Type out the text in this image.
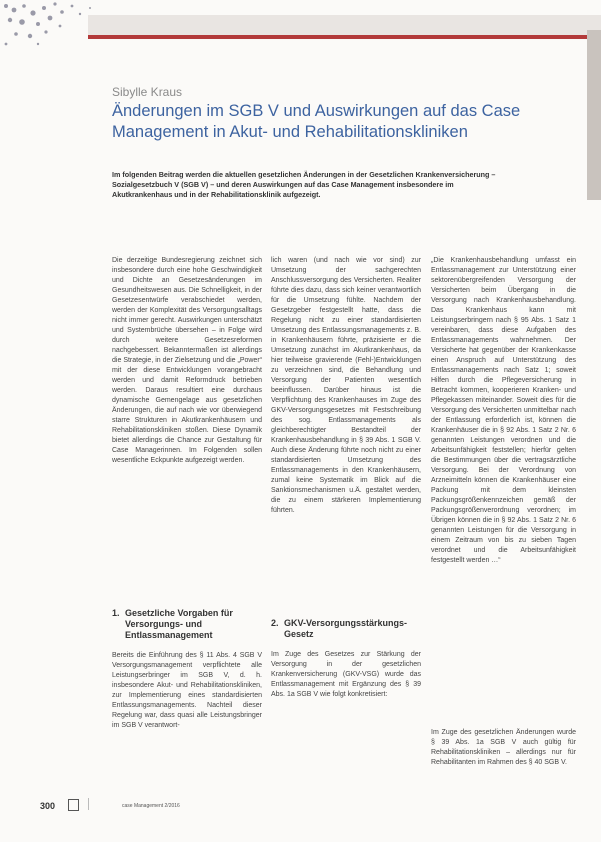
Sibylle Kraus
Änderungen im SGB V und Auswirkungen auf das Case Management in Akut- und Rehabilitationskliniken
Im folgenden Beitrag werden die aktuellen gesetzlichen Änderungen in der Gesetzlichen Krankenversicherung – Sozialgesetzbuch V (SGB V) – und deren Auswirkungen auf das Case Management insbesondere im Akutkrankenhaus und in der Rehabilitationsklinik aufgezeigt.

Die derzeitige Bundesregierung zeichnet sich insbesondere durch eine hohe Geschwindigkeit und Dichte an Gesetzesänderungen im Gesundheitswesen aus. Die Schnelligkeit, in der Gesetzesentwürfe verabschiedet werden, werden der Komplexität des Versorgungsalltags nicht immer gerecht. Auswirkungen unterschätzt und Systembrüche übersehen – in Folge wird durch weitere Gesetzesreformen nachgebessert. Bekanntermaßen ist allerdings die Strategie, in der Zielsetzung und die „Power“ mit der diese Entwicklungen vorangebracht werden und damit Reformdruck betrieben werden. Daraus resultiert eine durchaus dynamische Gemengelage aus gesetzlichen Änderungen, die auf nach wie vor überwiegend starre Strukturen in Akutkrankenhäusern und Rehabilitationskliniken stoßen. Diese Dynamik bietet allerdings die Chance zur Gestaltung für Case Managerinnen. Im Folgenden sollen wesentliche Eckpunkte aufgezeigt werden.

1. Gesetzliche Vorgaben für Versorgungs- und Entlassmanagement

Bereits die Einführung des § 11 Abs. 4 SGB V Versorgungsmanagement verpflichtete alle Leistungserbringer im SGB V, d. h. insbesondere Akut- und Rehabilitationskliniken, zur Implementierung eines standardisierten Entlassungsmanagements. Nachteil dieser Regelung war, dass quasi alle Leistungsbringer im SGB V verantwort-

lich waren (und nach wie vor sind) zur Umsetzung der sachgerechten Anschlussversorgung des Versicherten. Realiter führte dies dazu, dass sich keiner verantwortlich für die Umsetzung fühlte. Nachdem der Gesetzgeber festgestellt hatte, dass die Regelung nicht zu einer standardisierten Umsetzung des Entlassungsmanagements z. B. in Krankenhäusern führte, präzisierte er die Umsetzung zunächst im Akutkrankenhaus, da hier teilweise gravierende (Fehl-)Entwicklungen zu verzeichnen sind, die Behandlung und Versorgung der Patienten wesentlich beeinflussen. Darüber hinaus ist die Verpflichtung des Krankenhauses im Zuge des GKV-Versorgungsgesetzes mit Festschreibung des sog. Entlassmanagements als gleichberechtigter Bestandteil der Krankenhausbehandlung in § 39 Abs. 1 SGB V. Auch diese Änderung führte noch nicht zu einer standardisierten Umsetzung des Entlassmanagements in den Krankenhäusern, zumal keine Systematik im Blick auf die Sanktionsmechanismen u.Ä. gestaltet werden, die zu einem stärkeren Implementierung führten.

2. GKV-Versorgungsstärkungs-Gesetz

Im Zuge des Gesetzes zur Stärkung der Versorgung in der gesetzlichen Krankenversicherung (GKV-VSG) wurde das Entlassmanagement mit Ergänzung des § 39 Abs. 1a SGB V wie folgt konkretisiert:

„Die Krankenhausbehandlung umfasst ein Entlassmanagement zur Unterstützung einer sektorenübergreifenden Versorgung der Versicherten beim Übergang in die Versorgung nach Krankenhausbehandlung. Das Krankenhaus kann mit Leistungserbringern nach § 95 Abs. 1 Satz 1 vereinbaren, dass diese Aufgaben des Entlassmanagements wahrnehmen. Der Versicherte hat gegenüber der Krankenkasse einen Anspruch auf Unterstützung des Entlassmanagements nach Satz 1; soweit Hilfen durch die Pflegeversicherung in Betracht kommen, kooperieren Kranken- und Pflegekassen miteinander. Soweit dies für die Versorgung des Versicherten unmittelbar nach der Entlassung erforderlich ist, können die Krankenhäuser die in § 92 Abs. 1 Satz 2 Nr. 6 genannten Leistungen verordnen und die Arbeitsunfähigkeit feststellen; hierfür gelten die Bestimmungen über die vertragsärztliche Versorgung. Bei der Verordnung von Arzneimitteln können die Krankenhäuser eine Packung mit dem kleinsten Packungsgrößenkennzeichen gemäß der Packungsgrößenverordnung verordnen; im Übrigen können die in § 92 Abs. 1 Satz 2 Nr. 6 genannten Leistungen für die Versorgung in einem Zeitraum von bis zu sieben Tagen verordnet und die Arbeitsunfähigkeit festgestellt werden …“

Im Zuge des gesetzlichen Änderungen wurde § 39 Abs. 1a SGB V auch gültig für Rehabilitationskliniken – allerdings nur für Rehabilitanten im Rahmen des § 40 SGB V.

300	case Management 2/2016
